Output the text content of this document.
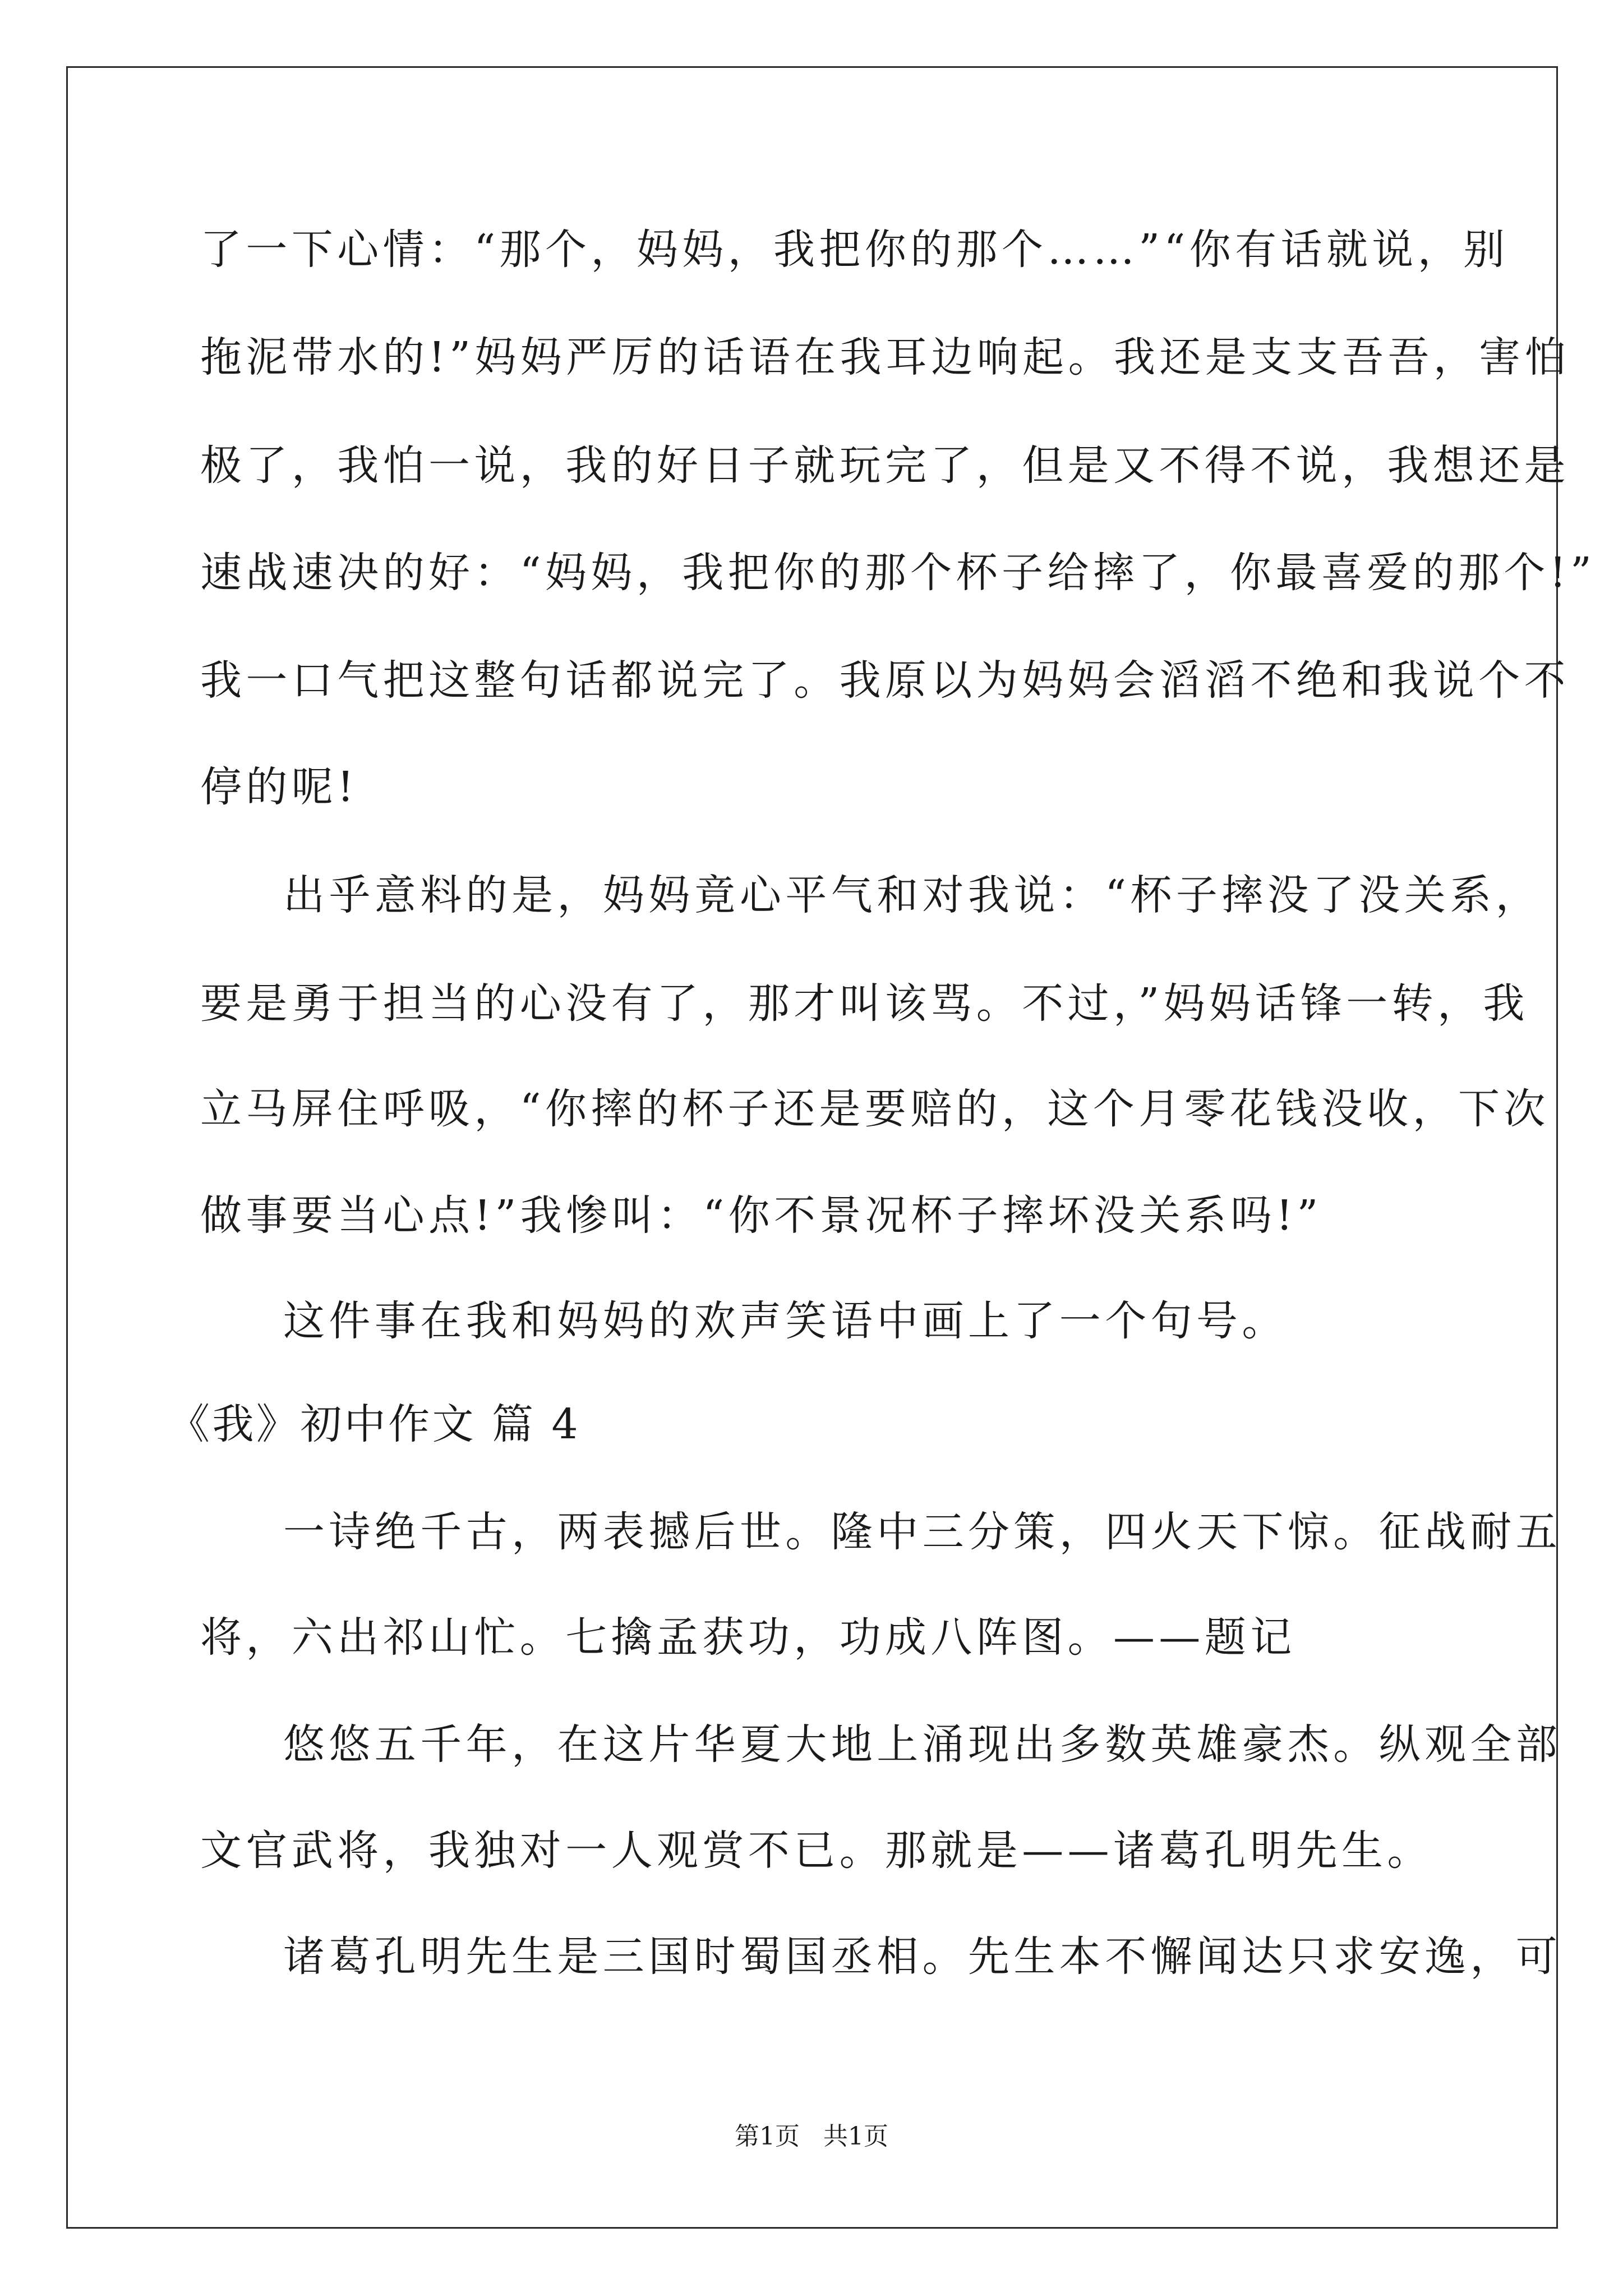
了一下心情：“那个，妈妈，我把你的那个……”“你有话就说，别
拖泥带水的!”妈妈严厉的话语在我耳边响起。我还是支支吾吾，害怕
极了，我怕一说，我的好日子就玩完了，但是又不得不说，我想还是
速战速决的好：“妈妈，我把你的那个杯子给摔了，你最喜爱的那个!”
我一口气把这整句话都说完了。我原以为妈妈会滔滔不绝和我说个不
停的呢!
出乎意料的是，妈妈竟心平气和对我说：“杯子摔没了没关系，
要是勇于担当的心没有了，那才叫该骂。不过，”妈妈话锋一转，我
立马屏住呼吸，“你摔的杯子还是要赔的，这个月零花钱没收，下次
做事要当心点!”我惨叫：“你不景况杯子摔坏没关系吗!”
这件事在我和妈妈的欢声笑语中画上了一个句号。
《我》初中作文 篇 4
一诗绝千古，两表撼后世。隆中三分策，四火天下惊。征战耐五
将，六出祁山忙。七擒孟获功，功成八阵图。——题记
悠悠五千年，在这片华夏大地上涌现出多数英雄豪杰。纵观全部
文官武将，我独对一人观赏不已。那就是——诸葛孔明先生。
诸葛孔明先生是三国时蜀国丞相。先生本不懈闻达只求安逸，可
第1页   共1页
